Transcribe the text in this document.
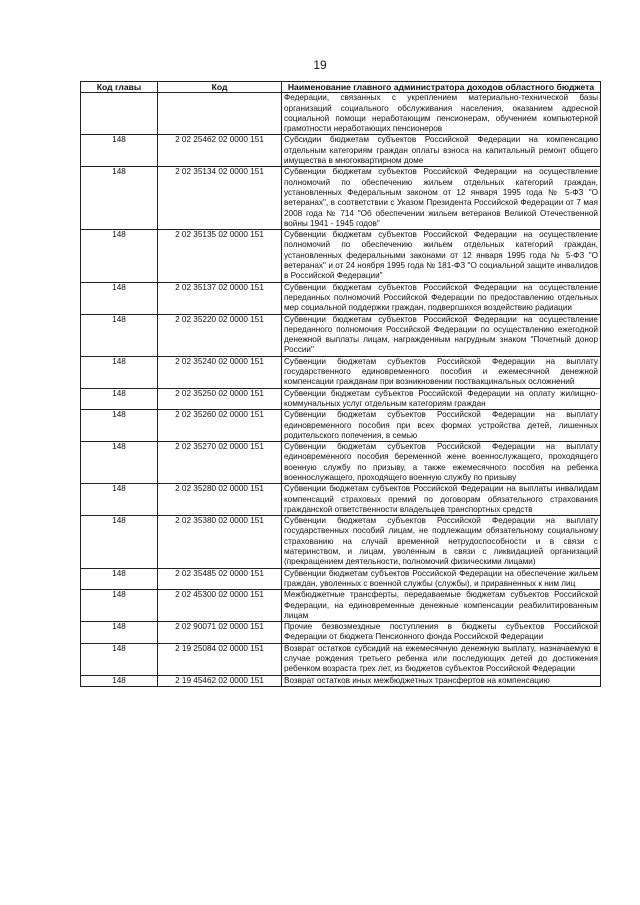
19
Код главы	Код	Наименование главного администратора доходов областного бюджета
		Федерации, связанных с укреплением материально-технической базы организаций социального обслуживания населения, оказанием адресной социальной помощи неработающим пенсионерам, обучением компьютерной грамотности неработающих пенсионеров
148	2 02 25462 02 0000 151	Субсидии бюджетам субъектов Российской Федерации на компенсацию отдельным категориям граждан оплаты взноса на капитальный ремонт общего имущества в многоквартирном доме
148	2 02 35134 02 0000 151	Субвенции бюджетам субъектов Российской Федерации на осуществление полномочий по обеспечению жильем отдельных категорий граждан, установленных Федеральным законом от 12 января 1995 года № 5-ФЗ "О ветеранах", в соответствии с Указом Президента Российской Федерации от 7 мая 2008 года № 714 "Об обеспечении жильем ветеранов Великой Отечественной войны 1941 - 1945 годов"
148	2 02 35135 02 0000 151	Субвенции бюджетам субъектов Российской Федерации на осуществление полномочий по обеспечению жильем отдельных категорий граждан, установленных федеральными законами от 12 января 1995 года № 5-ФЗ "О ветеранах" и от 24 ноября 1995 года № 181-ФЗ "О социальной защите инвалидов в Российской Федерации"
148	2 02 35137 02 0000 151	Субвенции бюджетам субъектов Российской Федерации на осуществление переданных полномочий Российской Федерации по предоставлению отдельных мер социальной поддержки граждан, подвергшихся воздействию радиации
148	2 02 35220 02 0000 151	Субвенции бюджетам субъектов Российской Федерации на осуществление переданного полномочия Российской Федерации по осуществлению ежегодной денежной выплаты лицам, награжденным нагрудным знаком "Почетный донор России"
148	2 02 35240 02 0000 151	Субвенции бюджетам субъектов Российской Федерации на выплату государственного единовременного пособия и ежемесячной денежной компенсации гражданам при возникновении поствакцинальных осложнений
148	2 02 35250 02 0000 151	Субвенции бюджетам субъектов Российской Федерации на оплату жилищно-коммунальных услуг отдельным категориям граждан
148	2 02 35260 02 0000 151	Субвенции бюджетам субъектов Российской Федерации на выплату единовременного пособия при всех формах устройства детей, лишенных родительского попечения, в семью
148	2 02 35270 02 0000 151	Субвенции бюджетам субъектов Российской Федерации на выплату единовременного пособия беременной жене военнослужащего, проходящего военную службу по призыву, а также ежемесячного пособия на ребенка военнослужащего, проходящего военную службу по призыву
148	2 02 35280 02 0000 151	Субвенции бюджетам субъектов Российской Федерации на выплаты инвалидам компенсаций страховых премий по договорам обязательного страхования гражданской ответственности владельцев транспортных средств
148	2 02 35380 02 0000 151	Субвенции бюджетам субъектов Российской Федерации на выплату государственных пособий лицам, не подлежащим обязательному социальному страхованию на случай временной нетрудоспособности и в связи с материнством, и лицам, уволенным в связи с ликвидацией организаций (прекращением деятельности, полномочий физическими лицами)
148	2 02 35485 02 0000 151	Субвенции бюджетам субъектов Российской Федерации на обеспечение жильем граждан, уволенных с военной службы (службы), и приравненных к ним лиц
148	2 02 45300 02 0000 151	Межбюджетные трансферты, передаваемые бюджетам субъектов Российской Федерации, на единовременные денежные компенсации реабилитированным лицам
148	2 02 90071 02 0000 151	Прочие безвозмездные поступления в бюджеты субъектов Российской Федерации от бюджета Пенсионного фонда Российской Федерации
148	2 19 25084 02 0000 151	Возврат остатков субсидий на ежемесячную денежную выплату, назначаемую в случае рождения третьего ребенка или последующих детей до достижения ребенком возраста трех лет, из бюджетов субъектов Российской Федерации
148	2 19 45462 02 0000 151	Возврат остатков иных межбюджетных трансфертов на компенсацию
